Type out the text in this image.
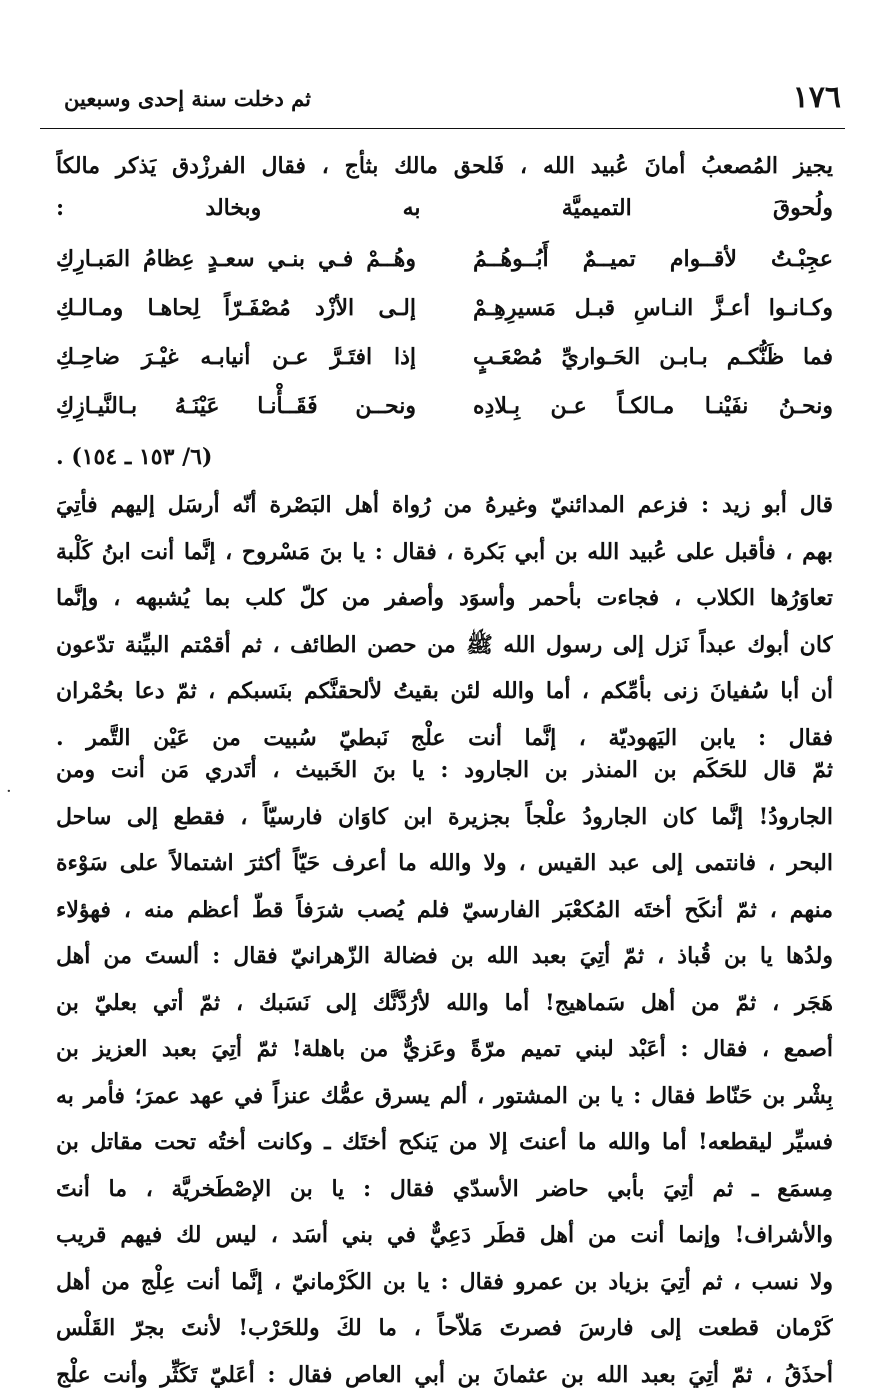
١٧٦
ثم دخلت سنة إحدى وسبعين

يجيز المُصعبُ أمانَ عُبيد الله ، فَلحق مالك بثأج ، فقال الفرزْدق يَذكر مالكاً

ولُحوقَ التميميَّة به وبخالد :

عجِبْـتُ لأقــوام تميــمٌ أَبُــوهُــمُ
وهُــمْ فـي بنـي سعـدٍ عِظامُ المَبـارِكِ
وكـانـوا أعـزَّ النـاسِ قبـل مَسيرِهِـمْ
إلـى الأزْد مُصْفَـرّاً لِحاهـا ومـالـكِ
فما ظَنُّكـم بـابـن الحَـواريِّ مُصْعَـبٍ
إذا افتَـرَّ عـن أنيابـه غيْـرَ ضاحِـكِ
ونحـنُ نفَيْنـا مـالكـاً عـن بِـلادِه
ونحــن فَقَــأْنـا عَيْنَـهُ بـالنَّيـازِكِ
(٦/ ١٥٣ ـ ١٥٤) .

قال أبو زيد : فزعم المدائنيّ وغيرهُ من رُواة أهل البَصْرة أنّه أرسَل إليهم فأتِيَ

بهم ، فأقبل على عُبيد الله بن أبي بَكرة ، فقال : يا بنَ مَسْروح ، إنَّما أنت ابنُ كَلْبة

تعاوَرُها الكلاب ، فجاءت بأحمر وأسوَد وأصفر من كلّ كلب بما يُشبهه ، وإنَّما

كان أبوك عبداً نَزل إلى رسول الله ﷺ من حصن الطائف ، ثم أقمْتم البيِّنة تدّعون

أن أبا سُفيانَ زنى بأمِّكم ، أما والله لئن بقيتُ لألحقنَّكم بنَسبكم ، ثمّ دعا بحُمْران

فقال : يابن اليَهوديّة ، إنَّما أنت علْج نَبطيّ سُبيت من عَيْن التَّمر .

ثمّ قال للحَكَم بن المنذر بن الجارود : يا بنَ الخَبيث ، أتَدري مَن أنت ومن

الجارودُ! إنَّما كان الجارودُ علْجاً بجزيرة ابن كاوَان فارسيّاً ، فقطع إلى ساحل

البحر ، فانتمى إلى عبد القيس ، ولا والله ما أعرف حَيّاً أكثرَ اشتمالاً على سَوْءة

منهم ، ثمّ أنكَح أختَه المُكعْبَر الفارسيّ فلم يُصب شرَفاً قطّ أعظم منه ، فهؤلاء

ولدُها يا بن قُباذ ، ثمّ أتِيَ بعبد الله بن فضالة الزّهرانيّ فقال : ألستَ من أهل

هَجَر ، ثمّ من أهل سَماهيج! أما والله لأرُدَّنَّك إلى نَسَبك ، ثمّ أتي بعليّ بن

أصمع ، فقال : أعَبْد لبني تميم مرّةً وعَزيٌّ من باهلة! ثمّ أتِيَ بعبد العزيز بن

بِشْر بن حَنّاط فقال : يا بن المشتور ، ألم يسرق عمُّك عنزاً في عهد عمرَ؛ فأمر به

فسيِّر ليقطعه! أما والله ما أعنتَ إلا من يَنكح أختَك ـ وكانت أختُه تحت مقاتل بن

مِسمَع ـ ثم أتِيَ بأبي حاضر الأسدّي فقال : يا بن الإصْطَخريَّة ، ما أنتَ

والأشراف! وإنما أنت من أهل قطَر دَعِيٌّ في بني أسَد ، ليس لك فيهم قريب

ولا نسب ، ثم أتِيَ بزياد بن عمرو فقال : يا بن الكَرْمانيّ ، إنَّما أنت عِلْج من أهل

كَرْمان قطعت إلى فارسَ فصرتَ مَلاّحاً ، ما لكَ وللحَرْب! لأنتَ بجرّ القَلْس

أحذَقُ ، ثمّ أتِيَ بعبد الله بن عثمانَ بن أبي العاص فقال : أعَليّ تَكَثِّر وأنت علْج

·
